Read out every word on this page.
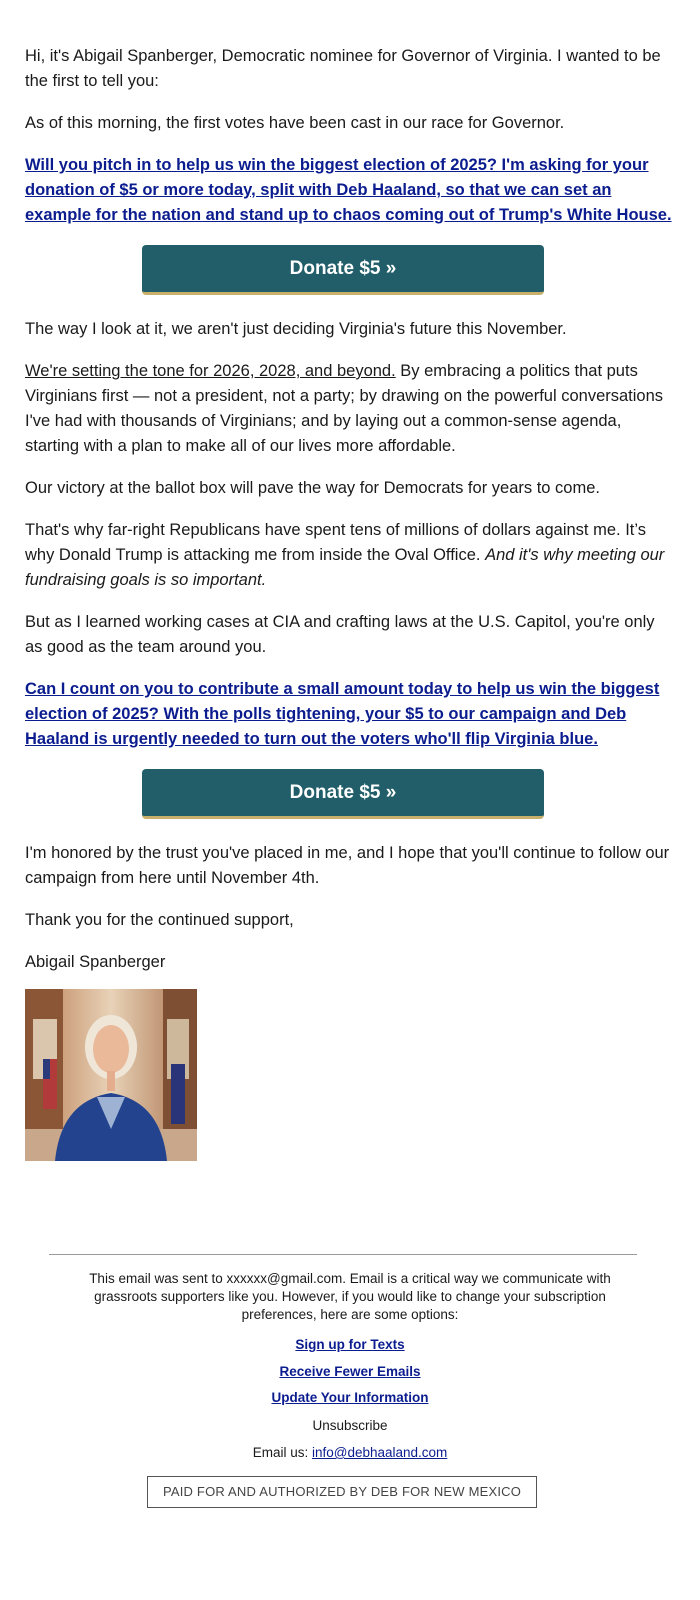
Hi, it's Abigail Spanberger, Democratic nominee for Governor of Virginia. I wanted to be the first to tell you:

As of this morning, the first votes have been cast in our race for Governor.

Will you pitch in to help us win the biggest election of 2025? I'm asking for your donation of $5 or more today, split with Deb Haaland, so that we can set an example for the nation and stand up to chaos coming out of Trump's White House.

Donate $5 »

The way I look at it, we aren't just deciding Virginia's future this November.

We're setting the tone for 2026, 2028, and beyond. By embracing a politics that puts Virginians first — not a president, not a party; by drawing on the powerful conversations I've had with thousands of Virginians; and by laying out a common-sense agenda, starting with a plan to make all of our lives more affordable.

Our victory at the ballot box will pave the way for Democrats for years to come.

That's why far-right Republicans have spent tens of millions of dollars against me. It’s why Donald Trump is attacking me from inside the Oval Office. And it's why meeting our fundraising goals is so important.

But as I learned working cases at CIA and crafting laws at the U.S. Capitol, you're only as good as the team around you.

Can I count on you to contribute a small amount today to help us win the biggest election of 2025? With the polls tightening, your $5 to our campaign and Deb Haaland is urgently needed to turn out the voters who'll flip Virginia blue.

Donate $5 »

I'm honored by the trust you've placed in me, and I hope that you'll continue to follow our campaign from here until November 4th.

Thank you for the continued support,

Abigail Spanberger

This email was sent to xxxxxx@gmail.com. Email is a critical way we communicate with grassroots supporters like you. However, if you would like to change your subscription preferences, here are some options:
Sign up for Texts
Receive Fewer Emails
Update Your Information
Unsubscribe
Email us: info@debhaaland.com
PAID FOR AND AUTHORIZED BY DEB FOR NEW MEXICO
